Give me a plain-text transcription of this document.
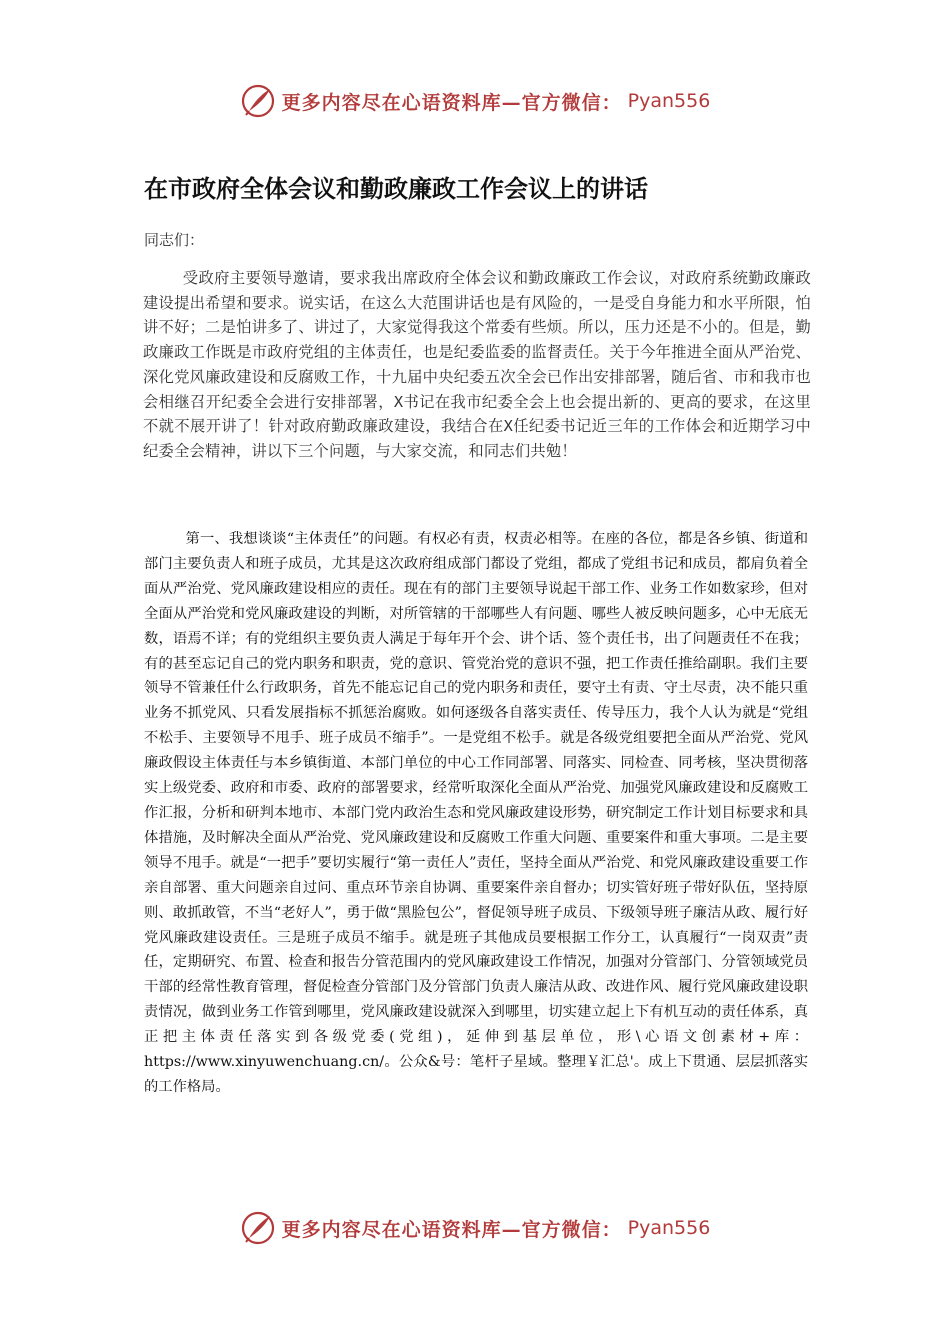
更多内容尽在心语资料库—官方微信： Pyan556
在市政府全体会议和勤政廉政工作会议上的讲话
同志们：

受政府主要领导邀请，要求我出席政府全体会议和勤政廉政工作会议，对政府系统勤政廉政建设提出希望和要求。说实话，在这么大范围讲话也是有风险的，一是受自身能力和水平所限，怕讲不好；二是怕讲多了、讲过了，大家觉得我这个常委有些烦。所以，压力还是不小的。但是，勤政廉政工作既是市政府党组的主体责任，也是纪委监委的监督责任。关于今年推进全面从严治党、深化党风廉政建设和反腐败工作，十九届中央纪委五次全会已作出安排部署，随后省、市和我市也会相继召开纪委全会进行安排部署，X书记在我市纪委全会上也会提出新的、更高的要求，在这里不就不展开讲了！针对政府勤政廉政建设，我结合在X任纪委书记近三年的工作体会和近期学习中纪委全会精神，讲以下三个问题，与大家交流，和同志们共勉！

第一、我想谈谈“主体责任”的问题。有权必有责，权责必相等。在座的各位，都是各乡镇、街道和部门主要负责人和班子成员，尤其是这次政府组成部门都设了党组，都成了党组书记和成员，都肩负着全面从严治党、党风廉政建设相应的责任。现在有的部门主要领导说起干部工作、业务工作如数家珍，但对全面从严治党和党风廉政建设的判断，对所管辖的干部哪些人有问题、哪些人被反映问题多，心中无底无数，语焉不详；有的党组织主要负责人满足于每年开个会、讲个话、签个责任书，出了问题责任不在我；有的甚至忘记自己的党内职务和职责，党的意识、管党治党的意识不强，把工作责任推给副职。我们主要领导不管兼任什么行政职务，首先不能忘记自己的党内职务和责任，要守土有责、守土尽责，决不能只重业务不抓党风、只看发展指标不抓惩治腐败。如何逐级各自落实责任、传导压力，我个人认为就是“党组不松手、主要领导不甩手、班子成员不缩手”。一是党组不松手。就是各级党组要把全面从严治党、党风廉政假设主体责任与本乡镇街道、本部门单位的中心工作同部署、同落实、同检查、同考核，坚决贯彻落实上级党委、政府和市委、政府的部署要求，经常听取深化全面从严治党、加强党风廉政建设和反腐败工作汇报，分析和研判本地市、本部门党内政治生态和党风廉政建设形势，研究制定工作计划目标要求和具体措施，及时解决全面从严治党、党风廉政建设和反腐败工作重大问题、重要案件和重大事项。二是主要领导不甩手。就是“一把手”要切实履行“第一责任人”责任，坚持全面从严治党、和党风廉政建设重要工作亲自部署、重大问题亲自过问、重点环节亲自协调、重要案件亲自督办；切实管好班子带好队伍，坚持原则、敢抓敢管，不当“老好人”，勇于做“黑脸包公”，督促领导班子成员、下级领导班子廉洁从政、履行好党风廉政建设责任。三是班子成员不缩手。就是班子其他成员要根据工作分工，认真履行“一岗双责”责任，定期研究、布置、检查和报告分管范围内的党风廉政建设工作情况，加强对分管部门、分管领域党员干部的经常性教育管理，督促检查分管部门及分管部门负责人廉洁从政、改进作风、履行党风廉政建设职责情况，做到业务工作管到哪里，党风廉政建设就深入到哪里，切实建立起上下有机互动的责任体系，真正把主体责任落实到各级党委(党组)，延伸到基层单位，形\心语文创素材+库：https://www.xinyuwenchuang.cn/。公众&号：笔杆子星域。整理￥汇总'。成上下贯通、层层抓落实的工作格局。

更多内容尽在心语资料库—官方微信： Pyan556
